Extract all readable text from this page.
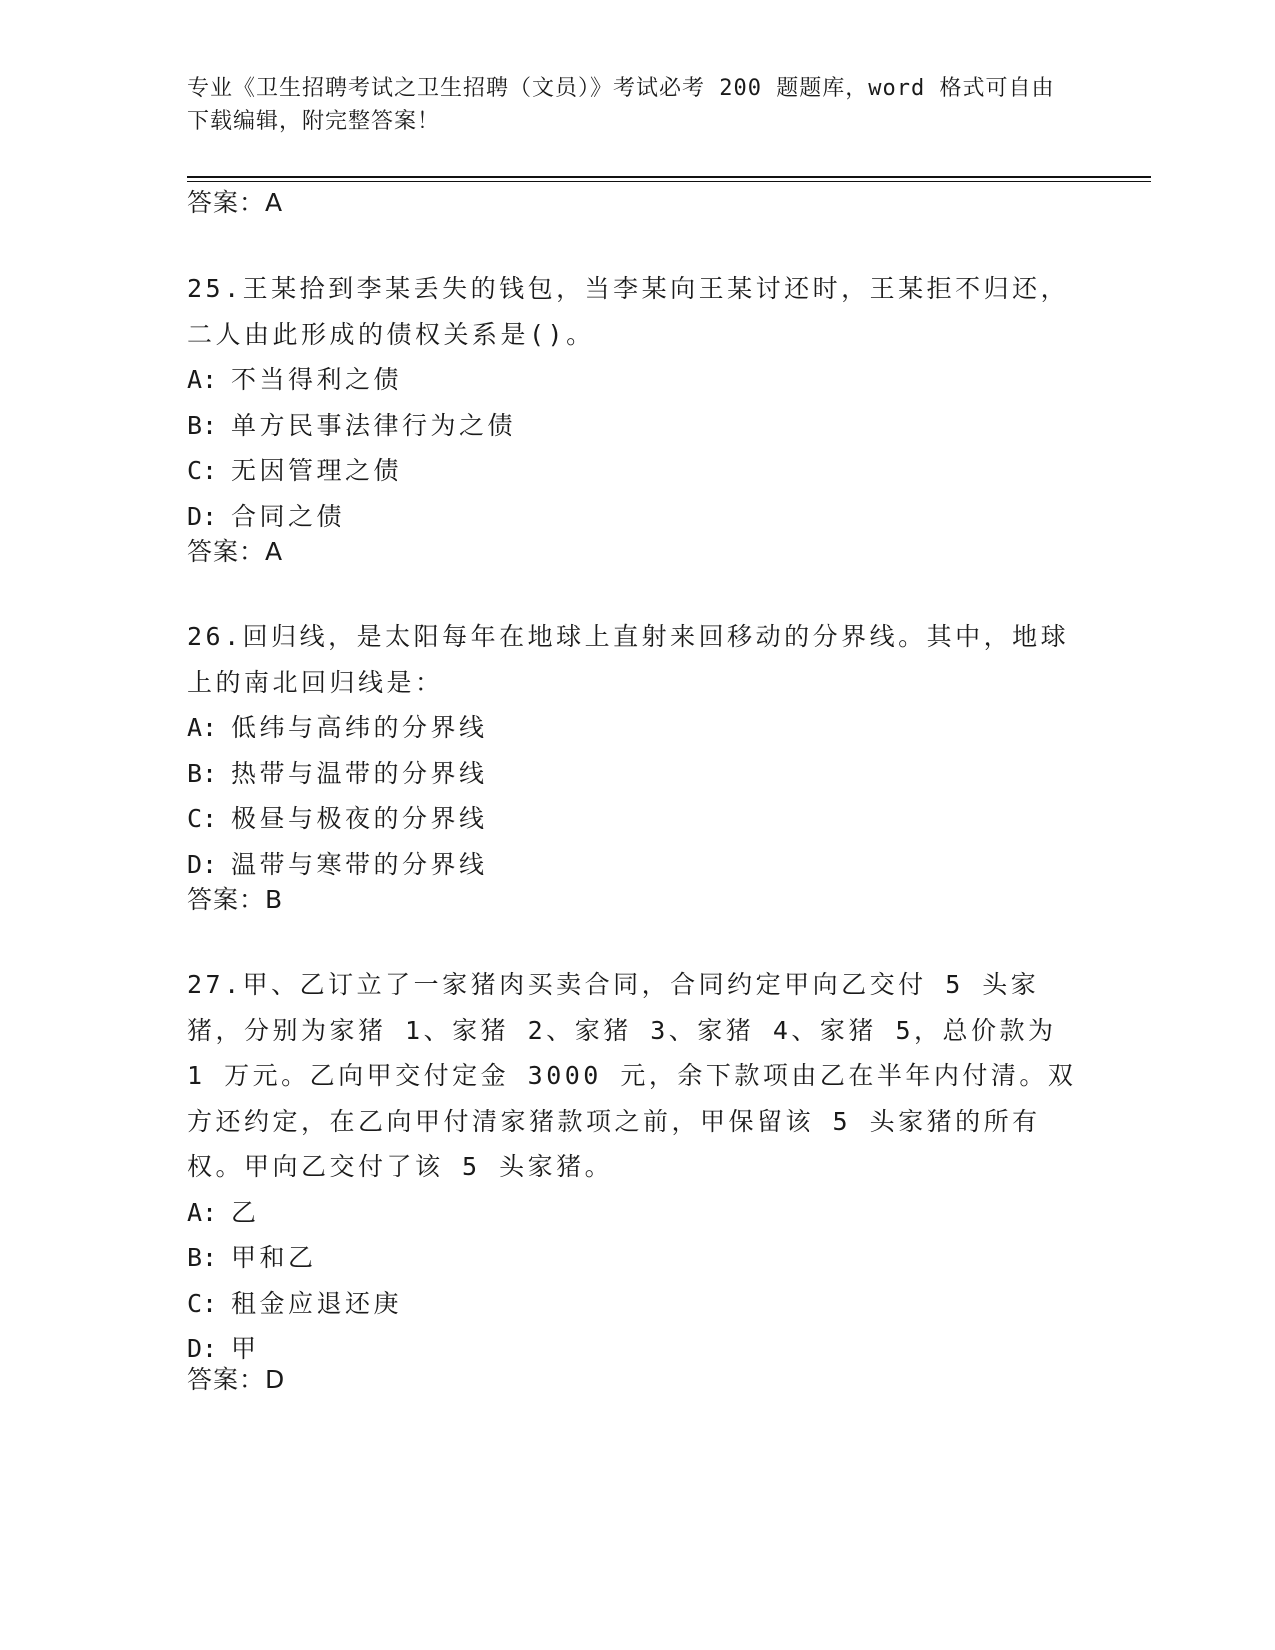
专业《卫生招聘考试之卫生招聘（文员）》考试必考 200 题题库，word 格式可自由下载编辑，附完整答案！
答案：A

25.王某拾到李某丢失的钱包，当李某向王某讨还时，王某拒不归还，二人由此形成的债权关系是()。

A: 不当得利之债

B: 单方民事法律行为之债

C: 无因管理之债

D: 合同之债

答案：A

26.回归线，是太阳每年在地球上直射来回移动的分界线。其中，地球上的南北回归线是：

A: 低纬与高纬的分界线

B: 热带与温带的分界线

C: 极昼与极夜的分界线

D: 温带与寒带的分界线

答案：B

27.甲、乙订立了一家猪肉买卖合同，合同约定甲向乙交付 5 头家猪，分别为家猪 1、家猪 2、家猪 3、家猪 4、家猪 5，总价款为 1 万元。乙向甲交付定金 3000 元，余下款项由乙在半年内付清。双方还约定，在乙向甲付清家猪款项之前，甲保留该 5 头家猪的所有权。甲向乙交付了该 5 头家猪。

A: 乙

B: 甲和乙

C: 租金应退还庚

D: 甲

答案：D
